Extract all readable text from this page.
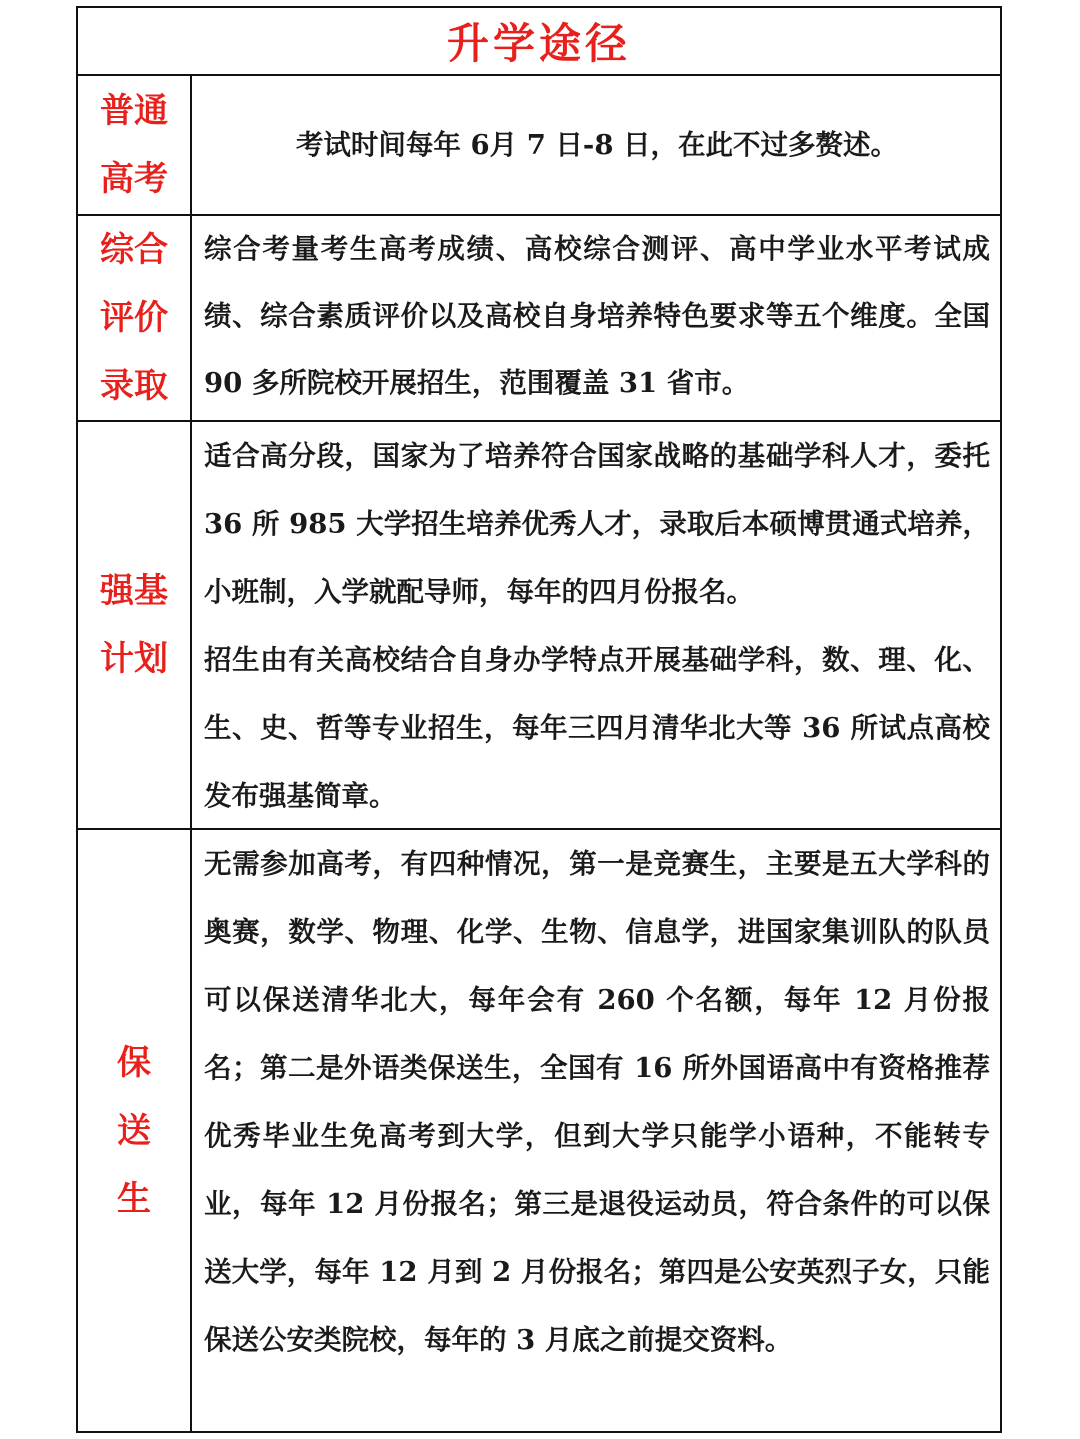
升学途径
普通高考

考试时间每年 6月 7 日-8 日，在此不过多赘述。

综合评价录取

综合考量考生高考成绩、高校综合测评、高中学业水平考试成绩、综合素质评价以及高校自身培养特色要求等五个维度。全国 90 多所院校开展招生，范围覆盖 31 省市。

强基计划

适合高分段，国家为了培养符合国家战略的基础学科人才，委托 36 所 985 大学招生培养优秀人才，录取后本硕博贯通式培养，小班制，入学就配导师，每年的四月份报名。

招生由有关高校结合自身办学特点开展基础学科，数、理、化、生、史、哲等专业招生，每年三四月清华北大等 36 所试点高校发布强基简章。

保送生

无需参加高考，有四种情况，第一是竞赛生，主要是五大学科的奥赛，数学、物理、化学、生物、信息学，进国家集训队的队员可以保送清华北大，每年会有 260 个名额，每年 12 月份报名；第二是外语类保送生，全国有 16 所外国语高中有资格推荐优秀毕业生免高考到大学，但到大学只能学小语种，不能转专业，每年 12 月份报名；第三是退役运动员，符合条件的可以保送大学，每年 12 月到 2 月份报名；第四是公安英烈子女，只能保送公安类院校，每年的 3 月底之前提交资料。
